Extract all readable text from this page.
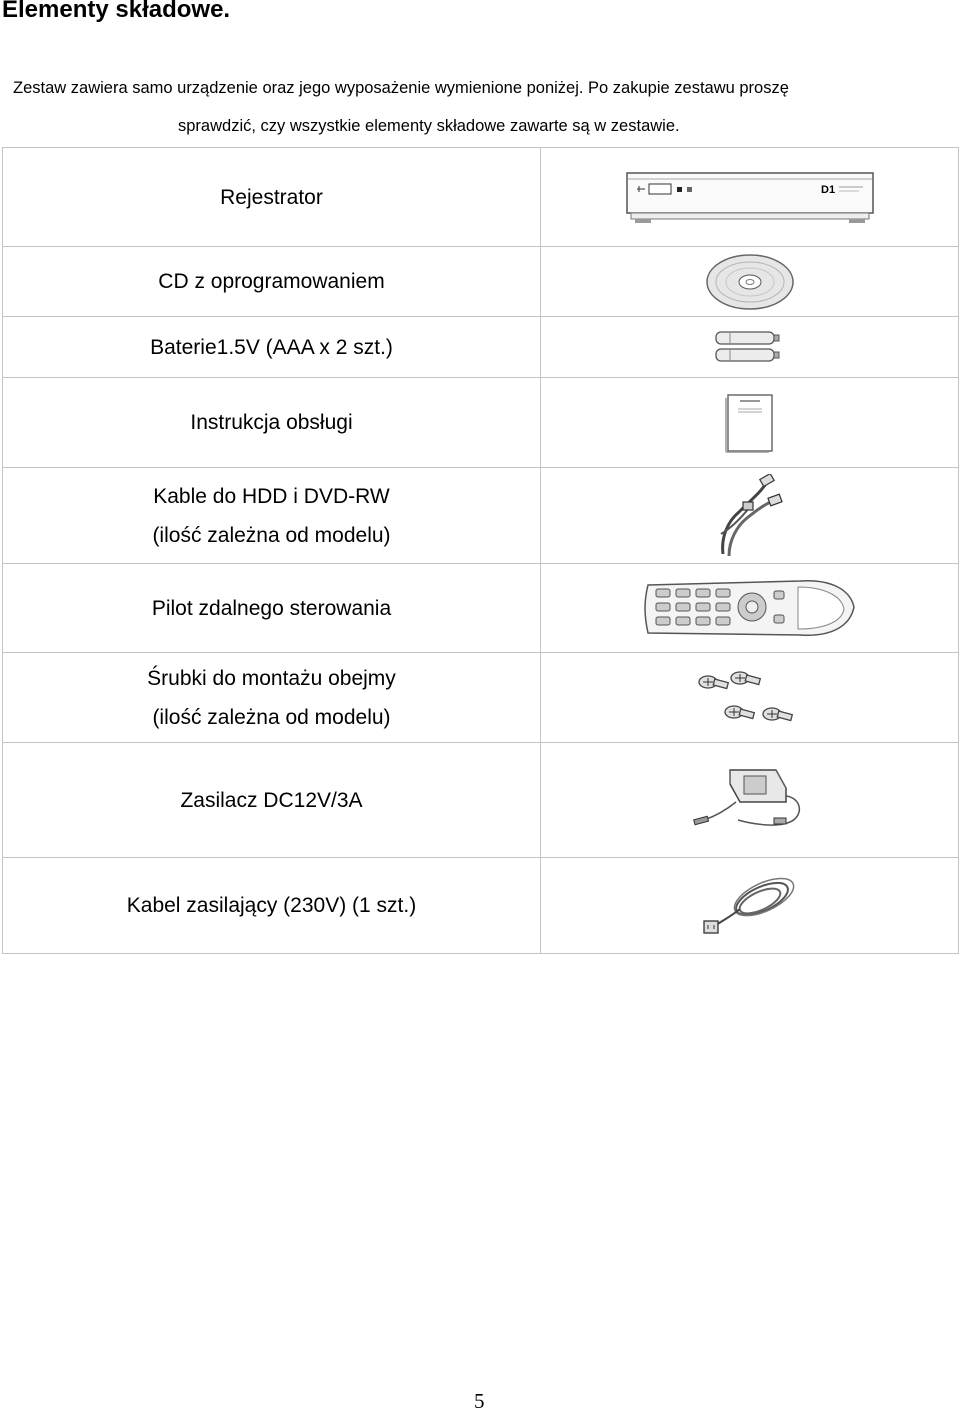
Elementy składowe.
Zestaw zawiera samo urządzenie oraz jego wyposażenie wymienione poniżej. Po zakupie zestawu proszę
sprawdzić, czy wszystkie elementy składowe zawarte są w zestawie.
Rejestrator	D1

CD z oprogramowaniem	

Baterie1.5V (AAA x 2 szt.)	

Instrukcja obsługi	

Kable do HDD i DVD-RW
(ilość zależna od modelu)

Pilot zdalnego sterowania	

Śrubki do montażu obejmy
(ilość zależna od modelu)

Zasilacz DC12V/3A	

Kabel zasilający (230V) (1 szt.)	
5
